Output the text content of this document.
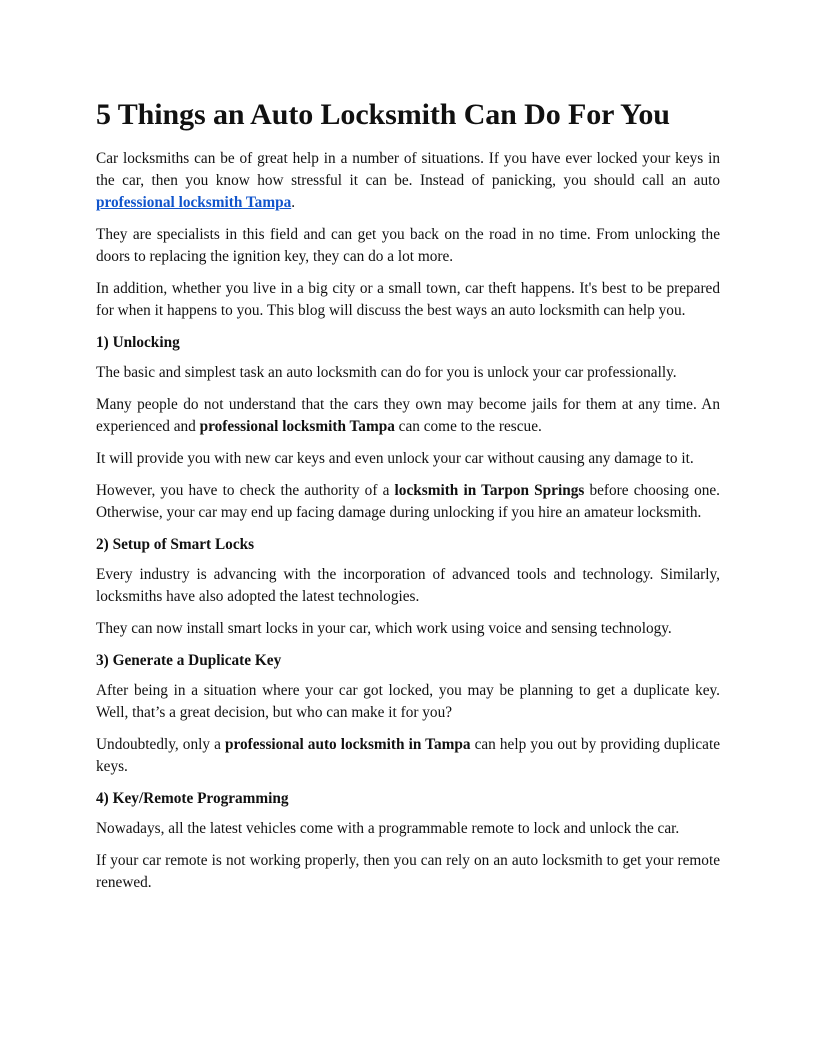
5 Things an Auto Locksmith Can Do For You

Car locksmiths can be of great help in a number of situations. If you have ever locked your keys in the car, then you know how stressful it can be. Instead of panicking, you should call an auto professional locksmith Tampa.

They are specialists in this field and can get you back on the road in no time. From unlocking the doors to replacing the ignition key, they can do a lot more.

In addition, whether you live in a big city or a small town, car theft happens. It's best to be prepared for when it happens to you. This blog will discuss the best ways an auto locksmith can help you.

1) Unlocking

The basic and simplest task an auto locksmith can do for you is unlock your car professionally.

Many people do not understand that the cars they own may become jails for them at any time. An experienced and professional locksmith Tampa can come to the rescue.

It will provide you with new car keys and even unlock your car without causing any damage to it.

However, you have to check the authority of a locksmith in Tarpon Springs before choosing one. Otherwise, your car may end up facing damage during unlocking if you hire an amateur locksmith.

2) Setup of Smart Locks

Every industry is advancing with the incorporation of advanced tools and technology. Similarly, locksmiths have also adopted the latest technologies.

They can now install smart locks in your car, which work using voice and sensing technology.

3) Generate a Duplicate Key

After being in a situation where your car got locked, you may be planning to get a duplicate key. Well, that’s a great decision, but who can make it for you?

Undoubtedly, only a professional auto locksmith in Tampa can help you out by providing duplicate keys.

4) Key/Remote Programming

Nowadays, all the latest vehicles come with a programmable remote to lock and unlock the car.

If your car remote is not working properly, then you can rely on an auto locksmith to get your remote renewed.
